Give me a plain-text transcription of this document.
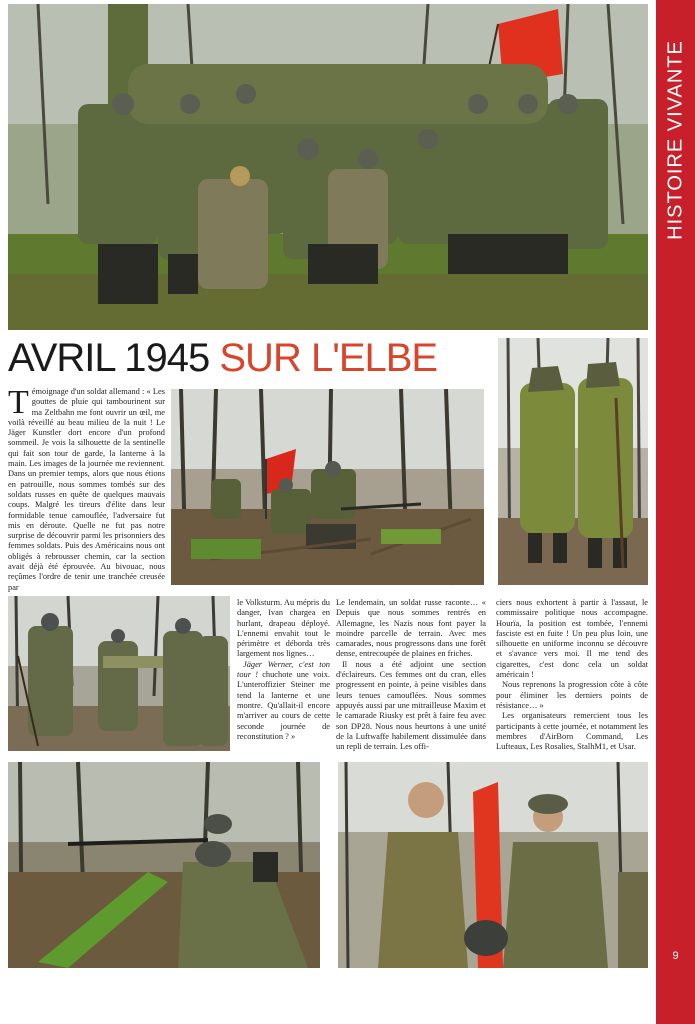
AVRIL 1945 SUR L'ELBE

Témoignage d'un soldat allemand : « Les gouttes de pluie qui tambourinent sur ma Zeltbahn me font ouvrir un œil, me voilà réveillé au beau milieu de la nuit ! Le Jäger Kunstler dort encore d'un profond sommeil. Je vois la silhouette de la sentinelle qui fait son tour de garde, la lanterne à la main. Les images de la journée me reviennent. Dans un premier temps, alors que nous étions en patrouille, nous sommes tombés sur des soldats russes en quête de quelques mauvais coups. Malgré les tireurs d'élite dans leur formidable tenue camouflée, l'adversaire fut mis en déroute. Quelle ne fut pas notre surprise de découvrir parmi les prisonniers des femmes soldats. Puis des Américains nous ont obligés à rebrousser chemin, car la section avait déjà été éprouvée. Au bivouac, nous reçûmes l'ordre de tenir une tranchée creusée par

le Volksturm. Au mépris du danger, Ivan chargea en hurlant, drapeau déployé. L'ennemi envahit tout le périmètre et déborda très largement nos lignes…

Jäger Werner, c'est ton tour ! chuchote une voix. L'unteroffizier Steiner me tend la lanterne et une montre. Qu'allait-il encore m'arriver au cours de cette seconde journée de reconstitution ? »

Le lendemain, un soldat russe raconte… « Depuis que nous sommes rentrés en Allemagne, les Nazis nous font payer la moindre parcelle de terrain. Avec mes camarades, nous progressons dans une forêt dense, entrecoupée de plaines en friches.

Il nous a été adjoint une section d'éclaireurs. Ces femmes ont du cran, elles progressent en pointe, à peine visibles dans leurs tenues camouflées. Nous sommes appuyés aussi par une mitrailleuse Maxim et le camarade Riusky est prêt à faire feu avec son DP28. Nous nous heurtons à une unité de la Luftwaffe habilement dissimulée dans un repli de terrain. Les offi-

ciers nous exhortent à partir à l'assaut, le commissaire politique nous accompagne. Hourïa, la position est tombée, l'ennemi fasciste est en fuite ! Un peu plus loin, une silhouette en uniforme inconnu se découvre et s'avance vers moi. Il me tend des cigarettes, c'est donc cela un soldat américain !

Nous reprenons la progression côte à côte pour éliminer les derniers points de résistance… »

Les organisateurs remercient tous les participants à cette journée, et notamment les membres d'AirBorn Command, Les Lufteaux, Les Rosalies, StalhM1, et Usar.

HISTOIRE VIVANTE
9
